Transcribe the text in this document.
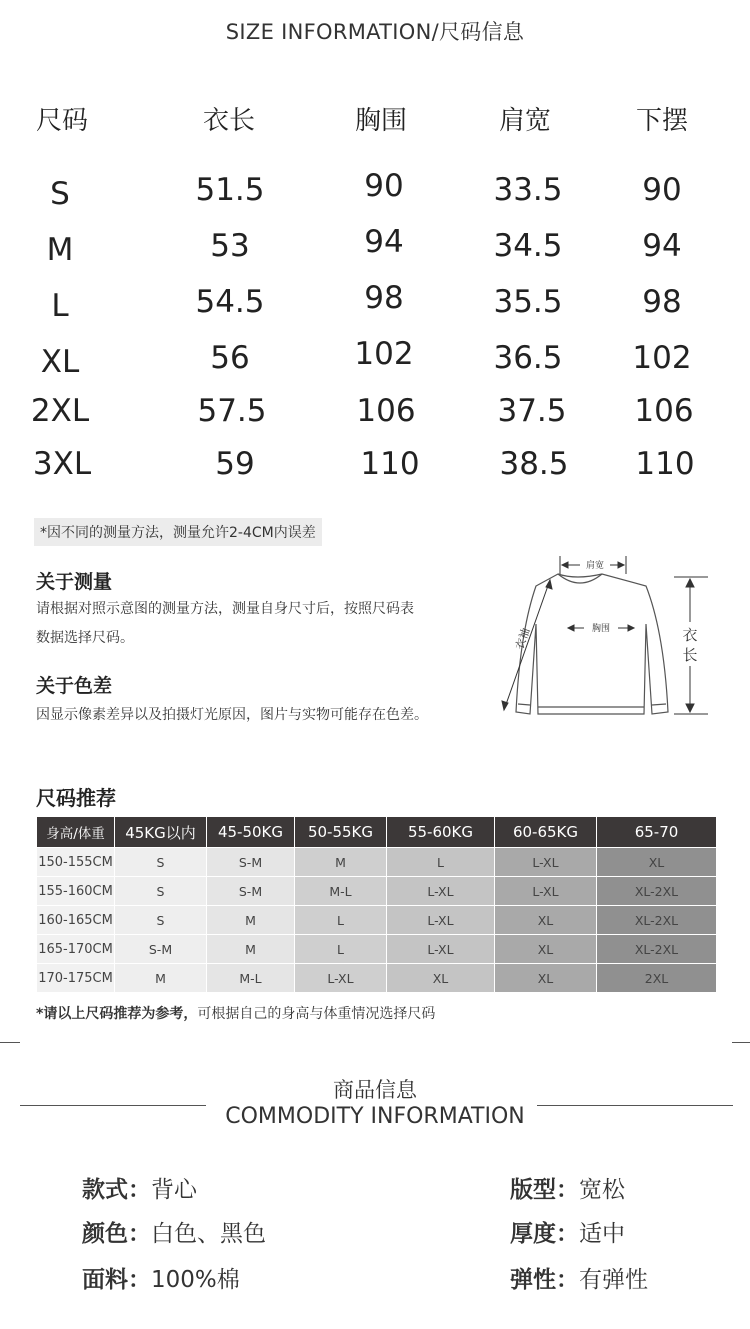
SIZE INFORMATION/尺码信息
尺码	衣长	胸围	肩宽	下摆
S	51.5	90	33.5	90
M	53	94	34.5	94
L	54.5	98	35.5	98
XL	56	102	36.5	102
2XL	57.5	106	37.5	106
3XL	59	110	38.5	110
*因不同的测量方法，测量允许2-4CM内误差
关于测量
请根据对照示意图的测量方法，测量自身尺寸后，按照尺码表
数据选择尺码。
关于色差
因显示像素差异以及拍摄灯光原因，图片与实物可能存在色差。
肩宽
胸围	衣
长
衣袖
尺码推荐
身高/体重	45KG以内	45-50KG	50-55KG	55-60KG	60-65KG	65-70
150-155CM	S	S-M	M	L	L-XL	XL
155-160CM	S	S-M	M-L	L-XL	L-XL	XL-2XL
160-165CM	S	M	L	L-XL	XL	XL-2XL
165-170CM	S-M	M	L	L-XL	XL	XL-2XL
170-175CM	M	M-L	L-XL	XL	XL	2XL
*请以上尺码推荐为参考，可根据自己的身高与体重情况选择尺码
商品信息
COMMODITY INFORMATION
款式：背心
颜色：白色、黑色
面料：100%棉
版型：宽松
厚度：适中
弹性：有弹性
